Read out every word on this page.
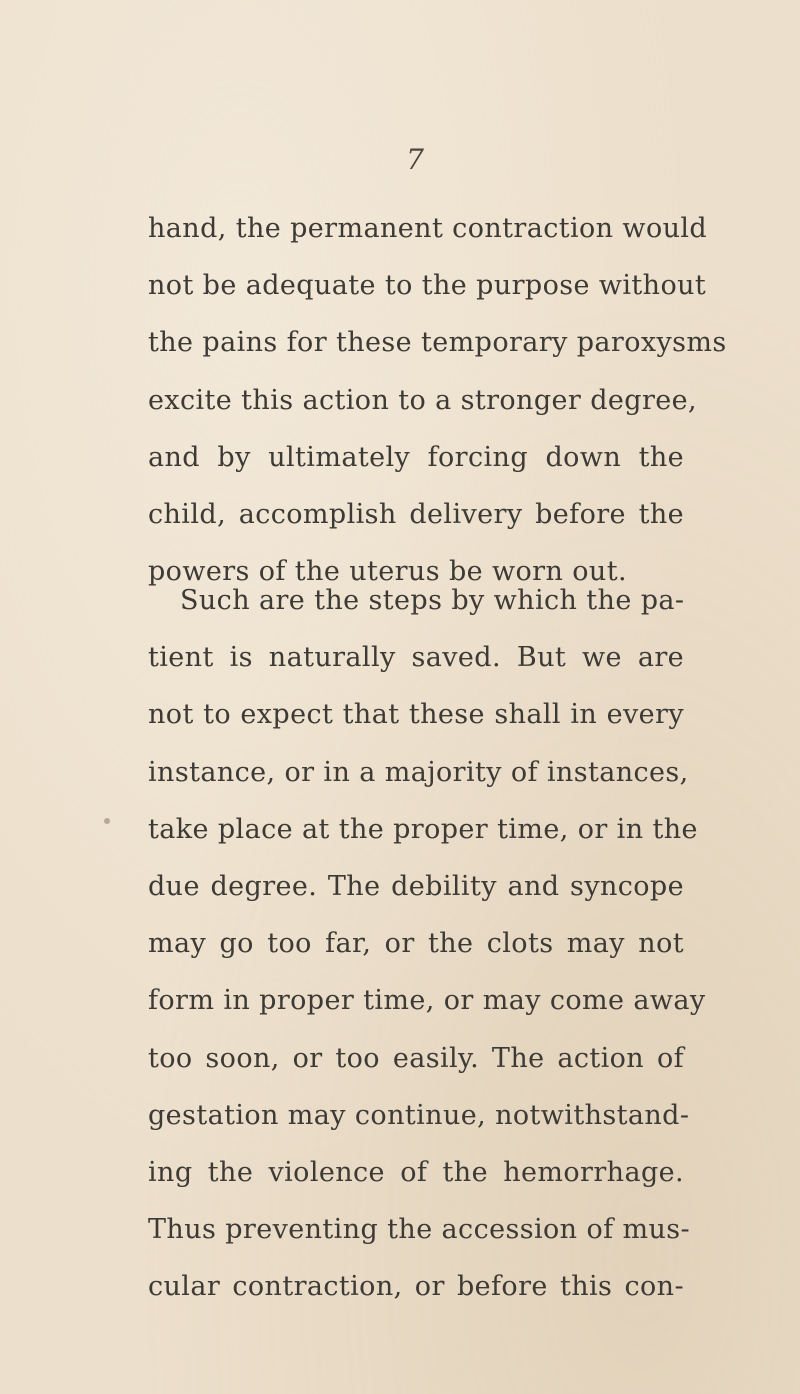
7
hand, the permanent contraction would
not be adequate to the purpose without
the pains for these temporary paroxysms
excite this action to a stronger degree,
and by ultimately forcing down the
child, accomplish delivery before the
powers of the uterus be worn out.
Such are the steps by which the pa-
tient is naturally saved. But we are
not to expect that these shall in every
instance, or in a majority of instances,
take place at the proper time, or in the
due degree. The debility and syncope
may go too far, or the clots may not
form in proper time, or may come away
too soon, or too easily. The action of
gestation may continue, notwithstand-
ing the violence of the hemorrhage.
Thus preventing the accession of mus-
cular contraction, or before this con-
